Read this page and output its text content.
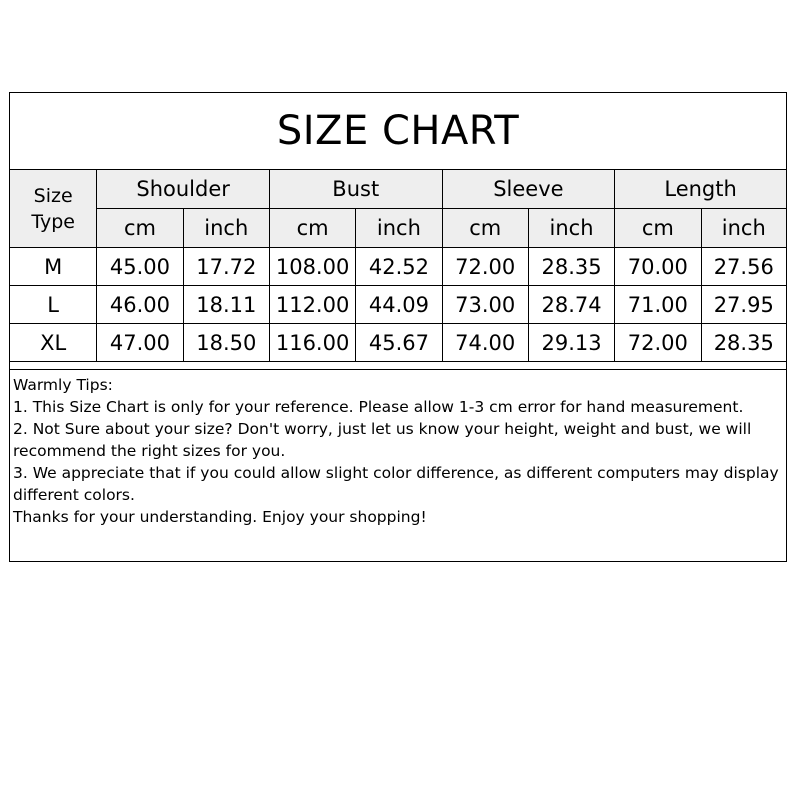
SIZE CHART								
Size
Type	Shoulder		Bust		Sleeve		Length	
	cm	inch	cm	inch	cm	inch	cm	inch
M	45.00	17.72	108.00	42.52	72.00	28.35	70.00	27.56
L	46.00	18.11	112.00	44.09	73.00	28.74	71.00	27.95
XL	47.00	18.50	116.00	45.67	74.00	29.13	72.00	28.35

Warmly Tips:
1. This Size Chart is only for your reference. Please allow 1-3 cm error for hand measurement.
2. Not Sure about your size? Don't worry, just let us know your height, weight and bust, we will recommend the right sizes for you.
3. We appreciate that if you could allow slight color difference, as different computers may display different colors.
Thanks for your understanding. Enjoy your shopping!
